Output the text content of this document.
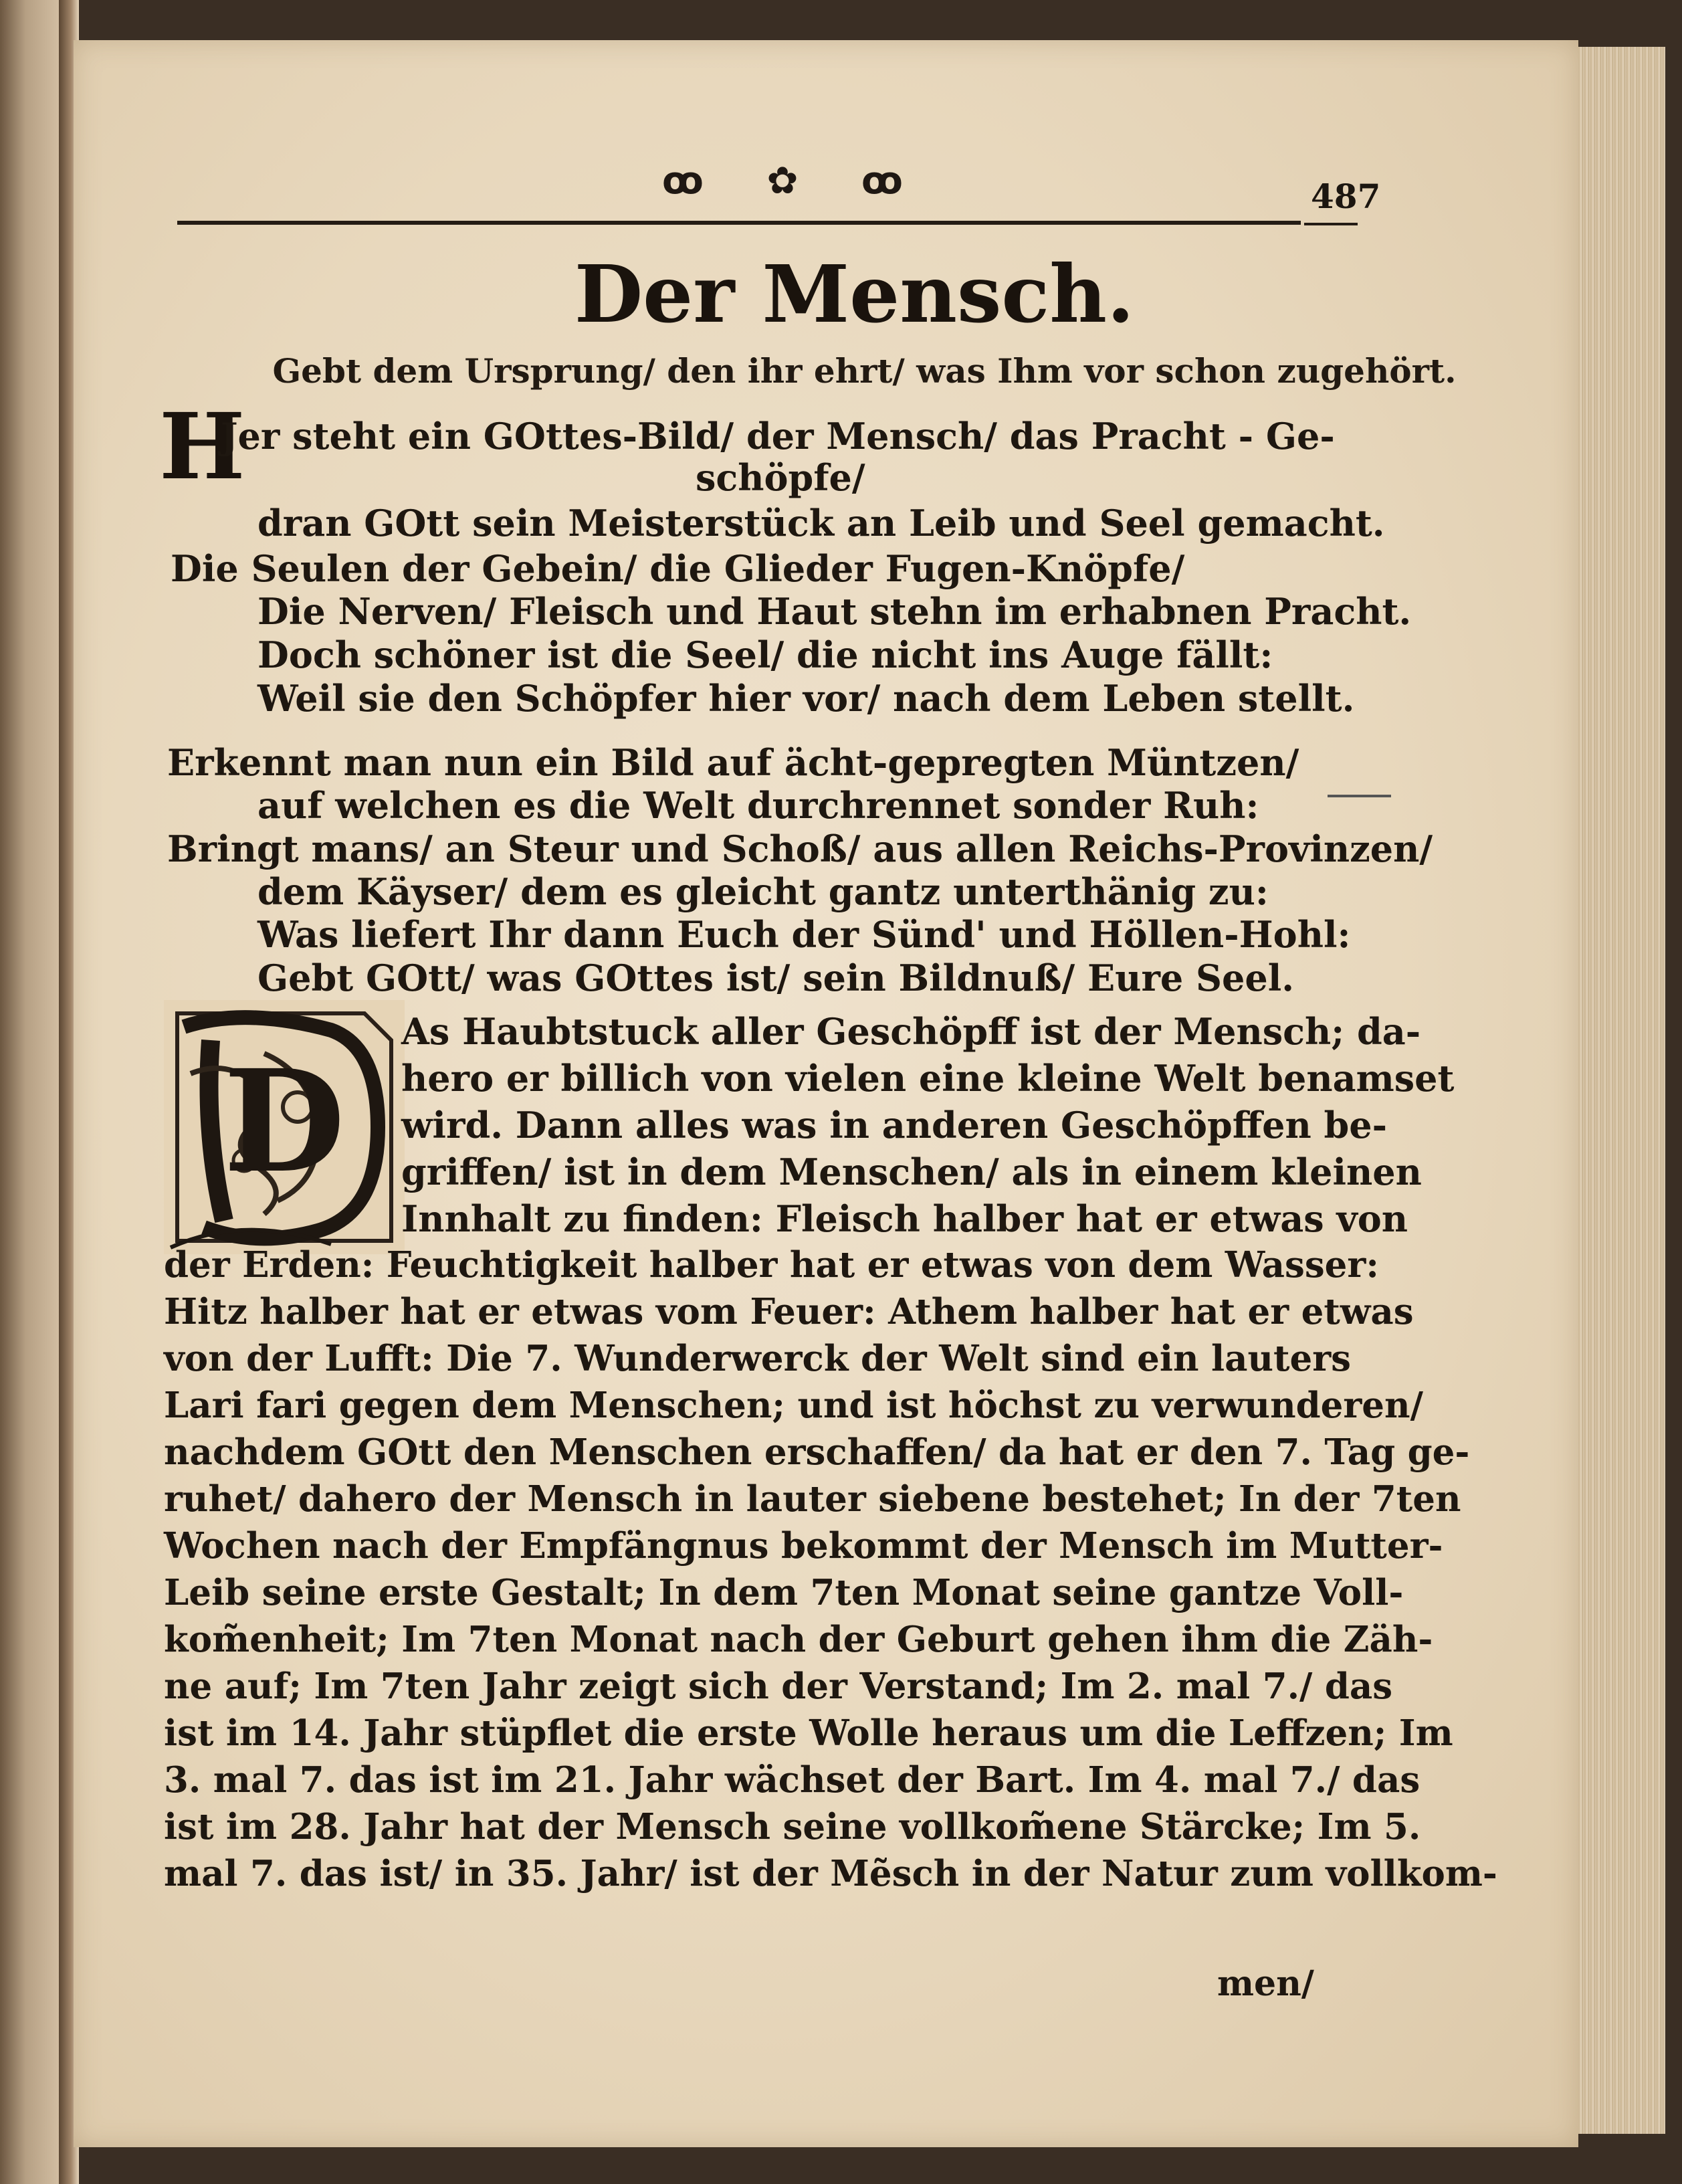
ꝏ ✿ ꝏ	487
Der Mensch.
Gebt dem Ursprung/ den ihr ehrt/ was Ihm vor schon zugehört.
H
Jer steht ein GOttes-Bild/ der Mensch/ das Pracht - Ge-
schöpfe/
dran GOtt sein Meisterstück an Leib und Seel gemacht.
Die Seulen der Gebein/ die Glieder Fugen-Knöpfe/
Die Nerven/ Fleisch und Haut stehn im erhabnen Pracht.
Doch schöner ist die Seel/ die nicht ins Auge fällt:
Weil sie den Schöpfer hier vor/ nach dem Leben stellt.
Erkennt man nun ein Bild auf ächt-gepregten Müntzen/
auf welchen es die Welt durchrennet sonder Ruh:
Bringt mans/ an Steur und Schoß/ aus allen Reichs-Provinzen/
dem Käyser/ dem es gleicht gantz unterthänig zu:
Was liefert Ihr dann Euch der Sünd' und Höllen-Hohl:
Gebt GOtt/ was GOttes ist/ sein Bildnuß/ Eure Seel.
D
As Haubtstuck aller Geschöpff ist der Mensch; da-
hero er billich von vielen eine kleine Welt benamset
wird. Dann alles was in anderen Geschöpffen be-
griffen/ ist in dem Menschen/ als in einem kleinen
Innhalt zu finden: Fleisch halber hat er etwas von
der Erden: Feuchtigkeit halber hat er etwas von dem Wasser:
Hitz halber hat er etwas vom Feuer: Athem halber hat er etwas
von der Lufft: Die 7. Wunderwerck der Welt sind ein lauters
Lari fari gegen dem Menschen; und ist höchst zu verwunderen/
nachdem GOtt den Menschen erschaffen/ da hat er den 7. Tag ge-
ruhet/ dahero der Mensch in lauter siebene bestehet; In der 7ten
Wochen nach der Empfängnus bekommt der Mensch im Mutter-
Leib seine erste Gestalt; In dem 7ten Monat seine gantze Voll-
kom̃enheit; Im 7ten Monat nach der Geburt gehen ihm die Zäh-
ne auf; Im 7ten Jahr zeigt sich der Verstand; Im 2. mal 7./ das
ist im 14. Jahr stüpflet die erste Wolle heraus um die Leffzen; Im
3. mal 7. das ist im 21. Jahr wächset der Bart. Im 4. mal 7./ das
ist im 28. Jahr hat der Mensch seine vollkom̃ene Stärcke; Im 5.
mal 7. das ist/ in 35. Jahr/ ist der Mẽsch in der Natur zum vollkom-
men/
